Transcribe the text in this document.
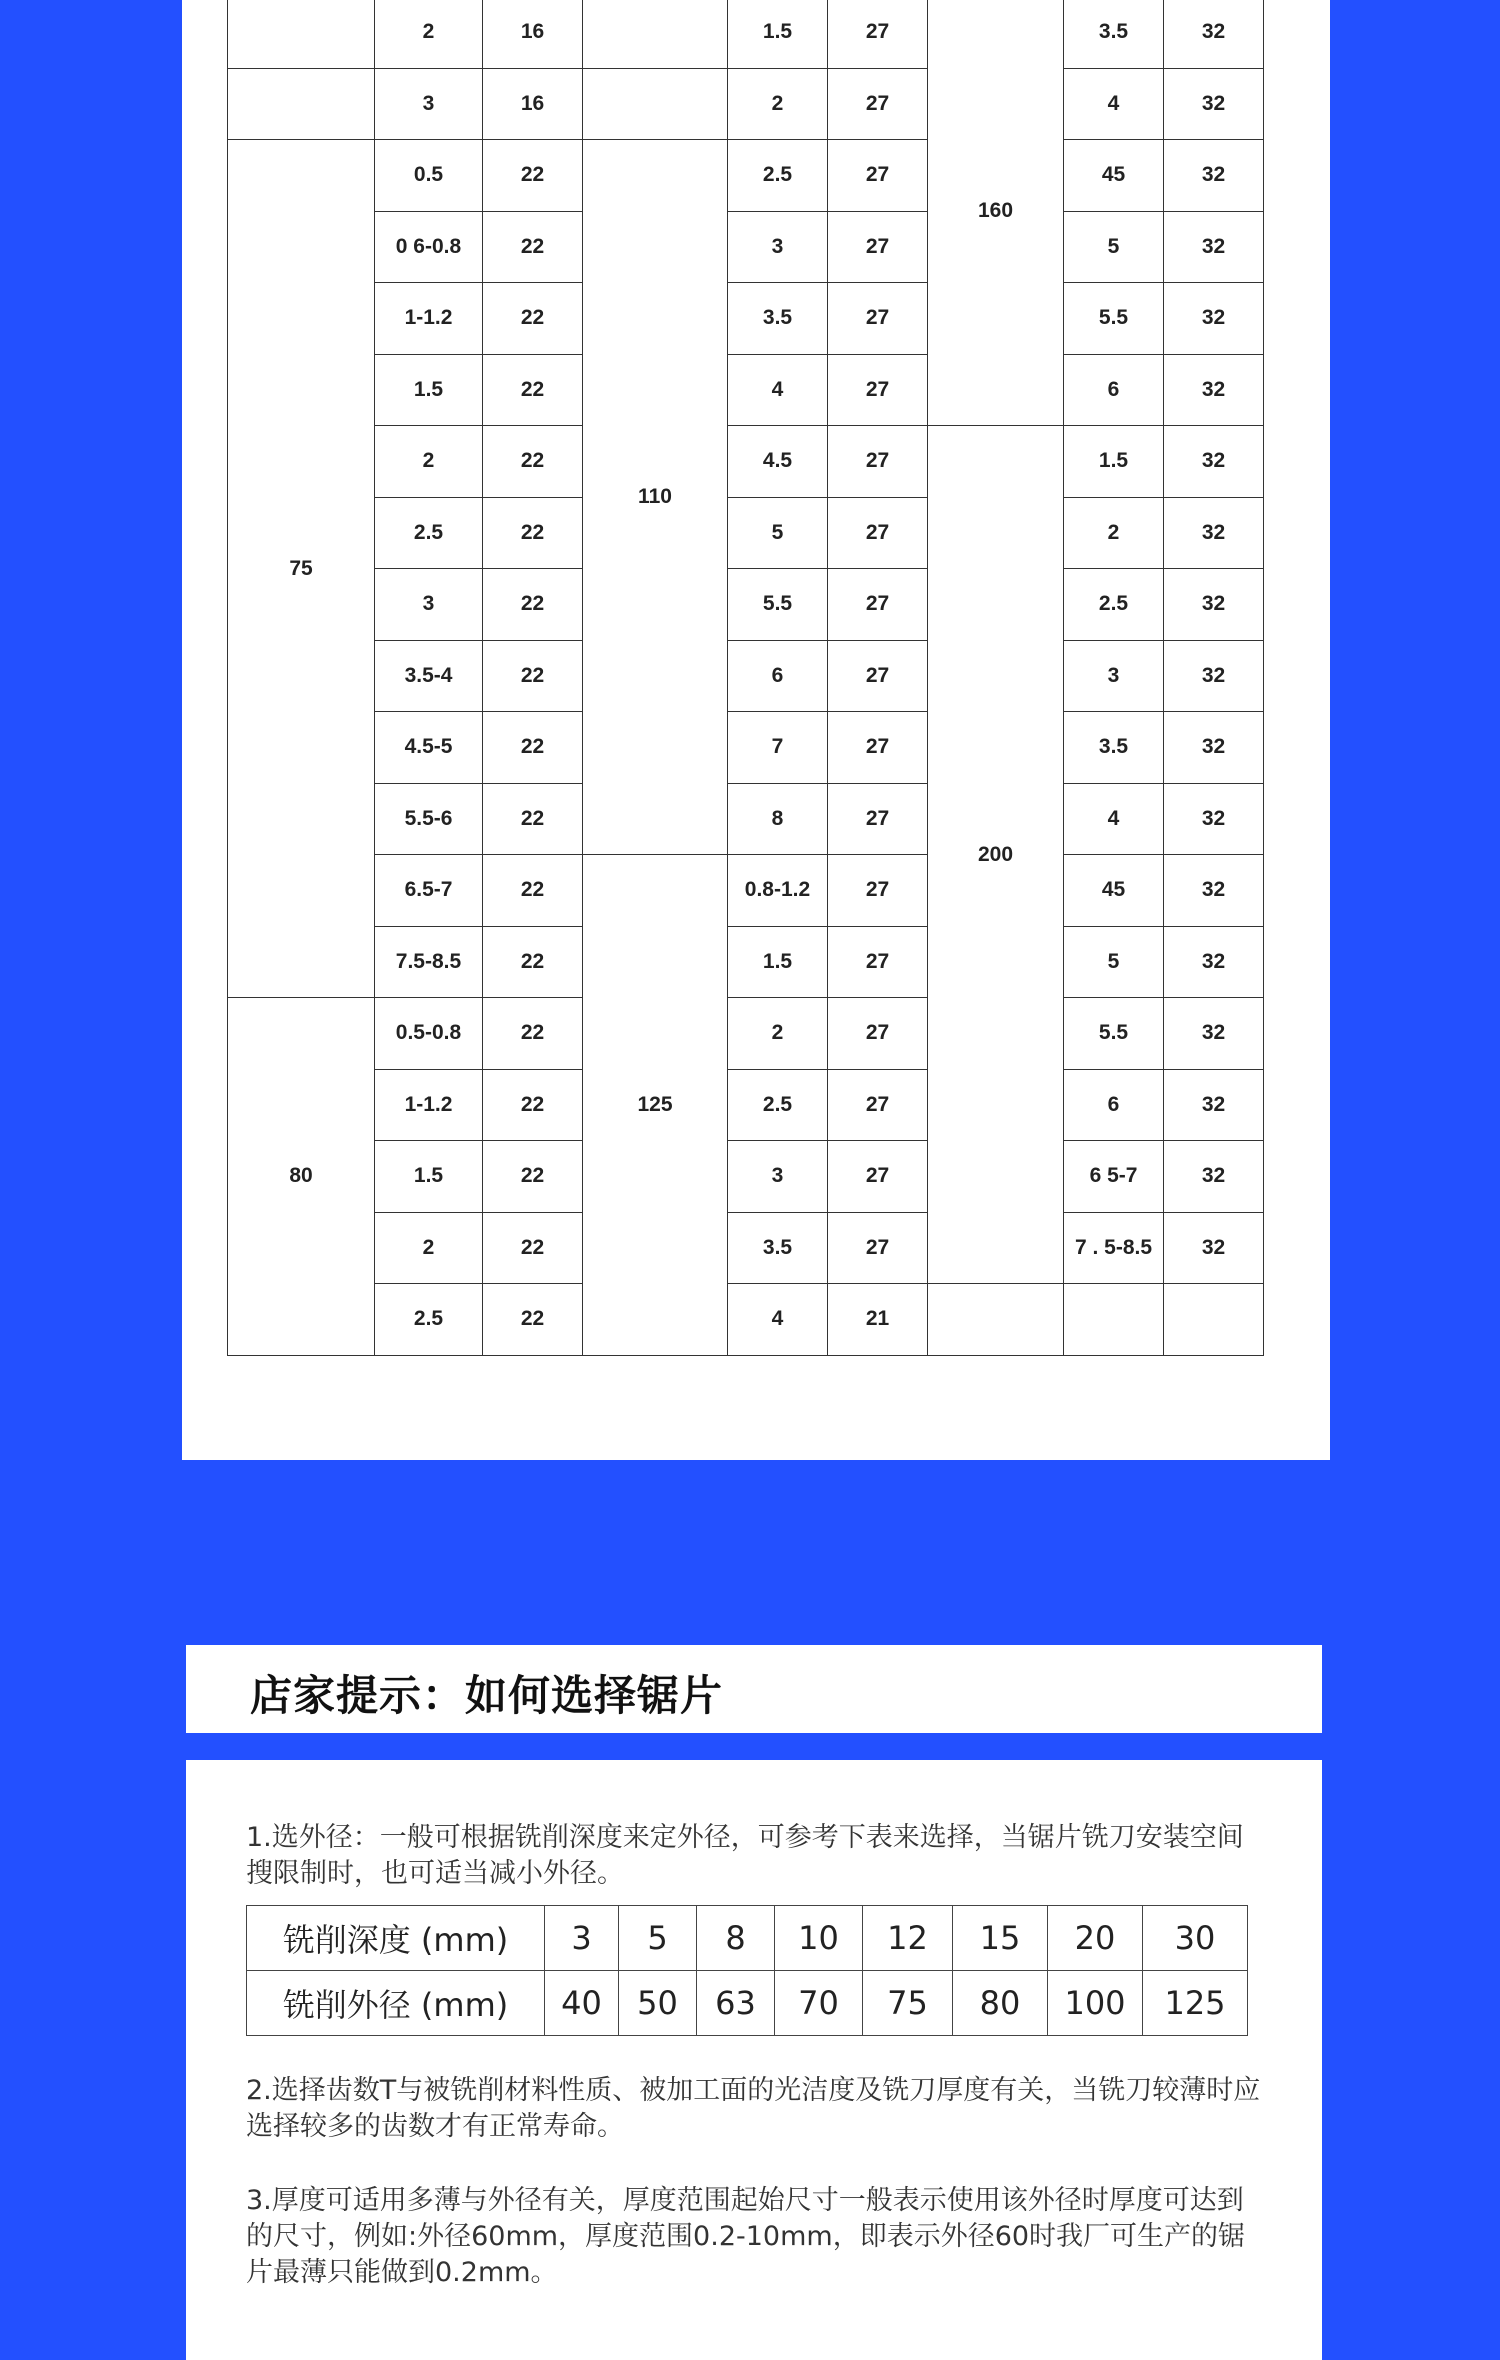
	2	16		1.5	27	160	3.5	32
	3	16		2	27		4	32
75	0.5	22	110	2.5	27		45	32
	0 6-0.8	22		3	27		5	32
	1-1.2	22		3.5	27		5.5	32
	1.5	22		4	27		6	32
	2	22		4.5	27	200	1.5	32
	2.5	22		5	27		2	32
	3	22		5.5	27		2.5	32
	3.5-4	22		6	27		3	32
	4.5-5	22		7	27		3.5	32
	5.5-6	22		8	27		4	32
	6.5-7	22	125	0.8-1.2	27		45	32
	7.5-8.5	22		1.5	27		5	32
80	0.5-0.8	22		2	27		5.5	32
	1-1.2	22		2.5	27		6	32
	1.5	22		3	27		6 5-7	32
	2	22		3.5	27		7 . 5-8.5	32
	2.5	22		4	21			
店家提示：如何选择锯片
1.选外径：一般可根据铣削深度来定外径，可参考下表来选择，当锯片铣刀安装空间搜限制时，也可适当减小外径。
铣削深度 (mm)	3	5	8	10	12	15	20	30
铣削外径 (mm)	40	50	63	70	75	80	100	125
2.选择齿数T与被铣削材料性质、被加工面的光洁度及铣刀厚度有关，当铣刀较薄时应选择较多的齿数才有正常寿命。
3.厚度可适用多薄与外径有关，厚度范围起始尺寸一般表示使用该外径时厚度可达到的尺寸，例如:外径60mm，厚度范围0.2-10mm，即表示外径60时我厂可生产的锯片最薄只能做到0.2mm。
